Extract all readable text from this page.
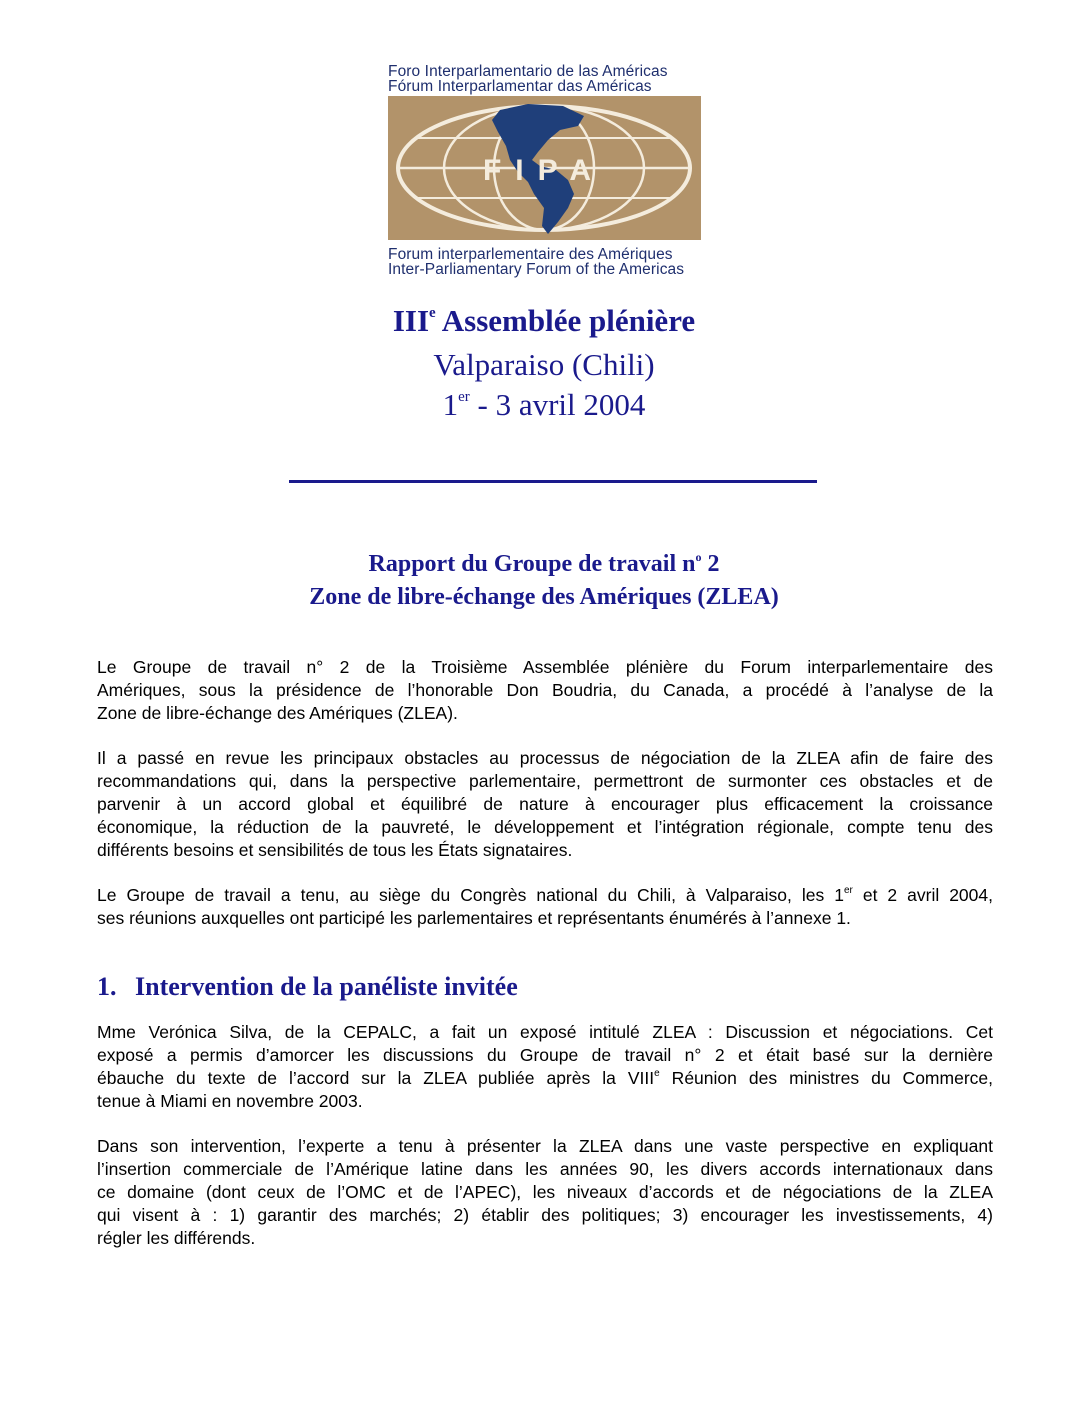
Foro Interparlamentario de las Américas
Fórum Interparlamentar das Américas
FIPA
Forum interparlementaire des Amériques
Inter-Parliamentary Forum of the Americas
IIIe Assemblée plénière
Valparaiso (Chili)
1er - 3 avril 2004
Rapport du Groupe de travail $n^o$ 2
Zone de libre-échange des Amériques (ZLEA)
Le Groupe de travail n° 2 de la Troisième Assemblée plénière du Forum interparlementaire des
Amériques, sous la présidence de l’honorable Don Boudria, du Canada, a procédé à l’analyse de la
Zone de libre-échange des Amériques (ZLEA).
Il a passé en revue les principaux obstacles au processus de négociation de la ZLEA afin de faire des
recommandations qui, dans la perspective parlementaire, permettront de surmonter ces obstacles et de
parvenir à un accord global et équilibré de nature à encourager plus efficacement la croissance
économique, la réduction de la pauvreté, le développement et l’intégration régionale, compte tenu des
différents besoins et sensibilités de tous les États signataires.
Le Groupe de travail a tenu, au siège du Congrès national du Chili, à Valparaiso, les 1er et 2 avril 2004,
ses réunions auxquelles ont participé les parlementaires et représentants énumérés à l’annexe 1.
1. Intervention de la panéliste invitée
Mme Verónica Silva, de la CEPALC, a fait un exposé intitulé ZLEA : Discussion et négociations. Cet
exposé a permis d’amorcer les discussions du Groupe de travail n° 2 et était basé sur la dernière
ébauche du texte de l’accord sur la ZLEA publiée après la VIIIe Réunion des ministres du Commerce,
tenue à Miami en novembre 2003.
Dans son intervention, l’experte a tenu à présenter la ZLEA dans une vaste perspective en expliquant
l’insertion commerciale de l’Amérique latine dans les années 90, les divers accords internationaux dans
ce domaine (dont ceux de l’OMC et de l’APEC), les niveaux d’accords et de négociations de la ZLEA
qui visent à : 1) garantir des marchés; 2) établir des politiques; 3) encourager les investissements, 4)
régler les différends.
